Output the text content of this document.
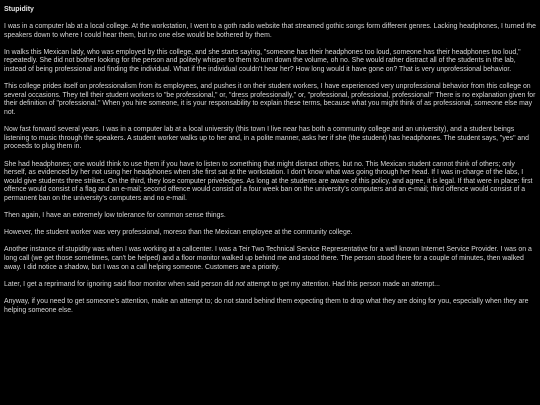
Stupidity

I was in a computer lab at a local college. At the workstation, I went to a goth radio website that streamed gothic songs form different genres. Lacking headphones, I turned the speakers down to where I could hear them, but no one else would be bothered by them.

In walks this Mexican lady, who was employed by this college, and she starts saying, "someone has their headphones too loud, someone has their headphones too loud," repeatedly. She did not bother looking for the person and politely whisper to them to turn down the volume, oh no. She would rather distract all of the students in the lab, instead of being professional and finding the individual. What if the individual couldn't hear her? How long would it have gone on? That is very unprofessional behavior.

This college prides itself on professionalism from its employees, and pushes it on their student workers, I have experienced very unprofessional behavior from this college on several occasions. They tell their student workers to "be professional," or, "dress professionally," or, "professional, professional, professional!" There is no explanation given for their definition of "professional." When you hire someone, it is your responsability to explain these terms, because what you might think of as professional, someone else may not.

Now fast forward several years. I was in a computer lab at a local university (this town I live near has both a community college and an university), and a student beings listening to music through the speakers. A student worker walks up to her and, in a polite manner, asks her if she (the student) has headphones. The student says, "yes" and proceeds to plug them in.

She had headphones; one would think to use them if you have to listen to something that might distract others, but no. This Mexican student cannot think of others; only herself, as evidenced by her not using her headphones when she first sat at the workstation. I don't know what was going through her head. If I was in-charge of the labs, I would give students three strikes. On the third, they lose computer priveledges. As long at the students are aware of this policy, and agree, it is legal. If that were in place: first offence would consist of a flag and an e-mail; second offence would consist of a four week ban on the university's computers and an e-mail; third offence would consist of a permanent ban on the university's computers and no e-mail.

Then again, I have an extremely low tolerance for common sense things.

However, the student worker was very professional, moreso than the Mexican employee at the community college.

Another instance of stupidity was when I was working at a callcenter. I was a Teir Two Technical Service Representative for a well known Internet Service Provider. I was on a long call (we get those sometimes, can't be helped) and a floor monitor walked up behind me and stood there. The person stood there for a couple of minutes, then walked away. I did notice a shadow, but I was on a call helping someone. Customers are a priority.

Later, I get a reprimand for ignoring said floor monitor when said person did not attempt to get my attention. Had this person made an attempt...

Anyway, if you need to get someone's attention, make an attempt to; do not stand behind them expecting them to drop what they are doing for you, especially when they are helping someone else.
